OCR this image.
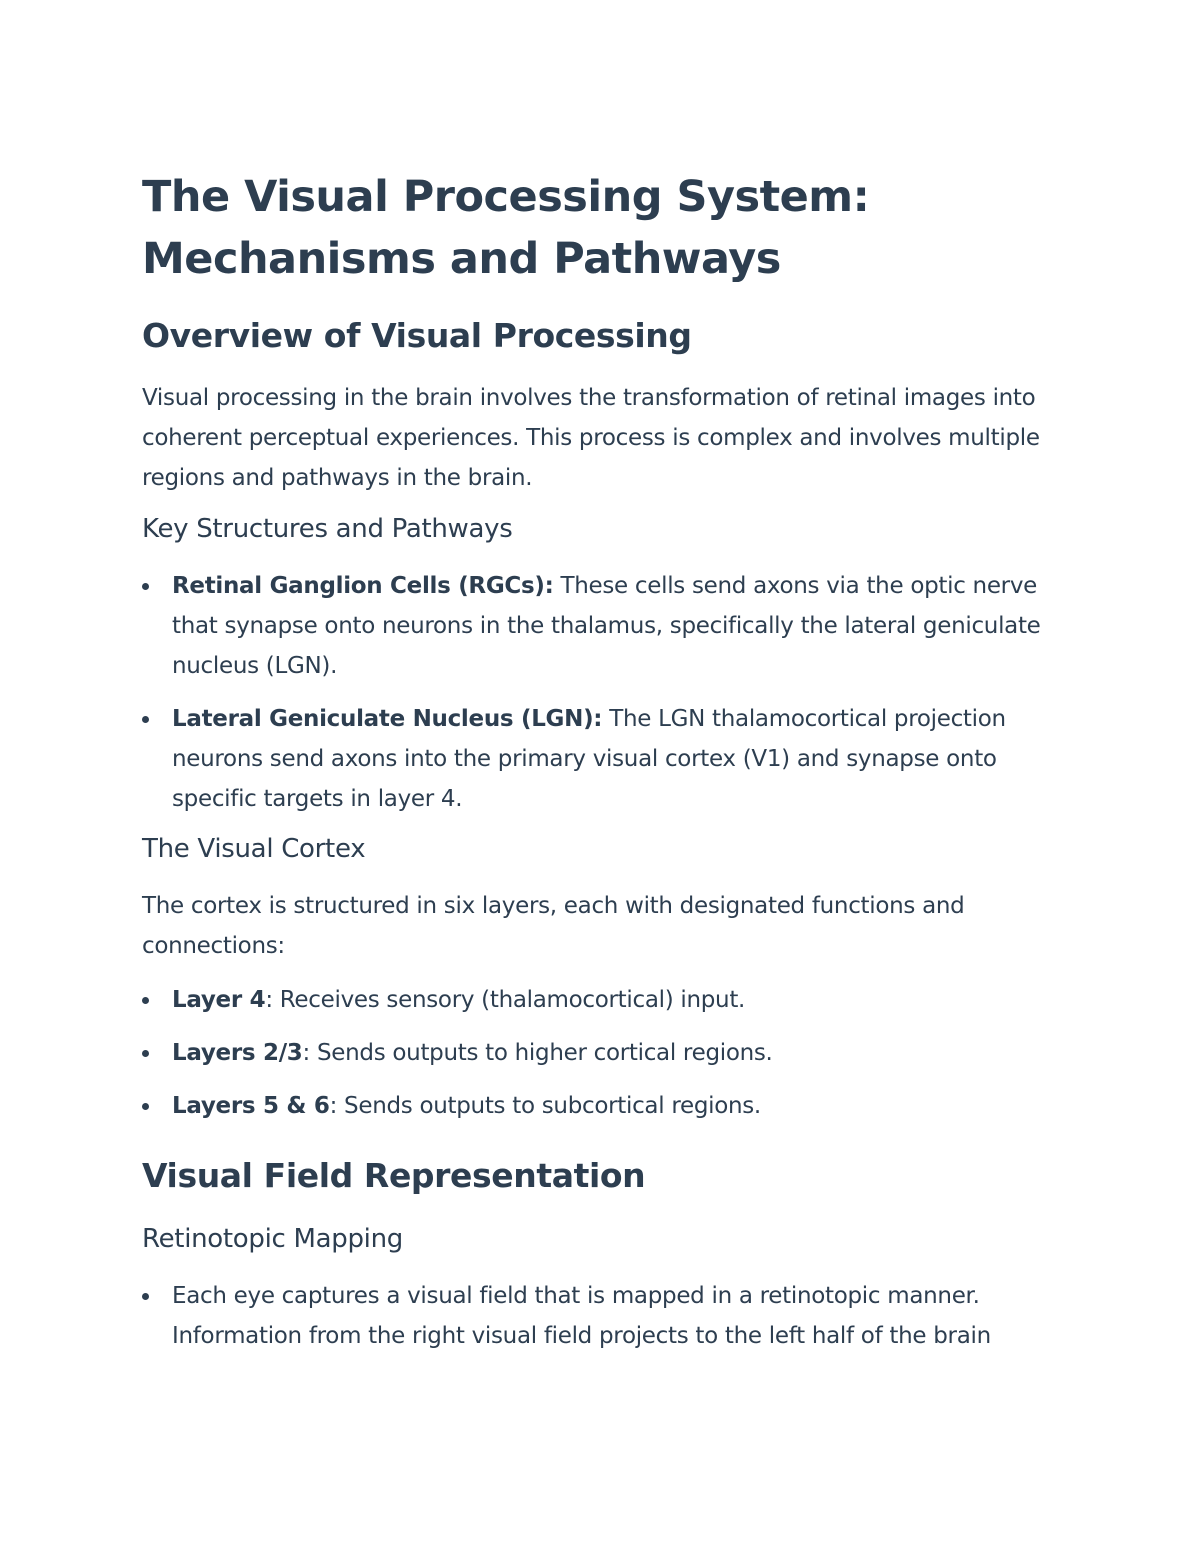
The Visual Processing System:
Mechanisms and Pathways
Overview of Visual Processing

Visual processing in the brain involves the transformation of retinal images into coherent perceptual experiences. This process is complex and involves multiple regions and pathways in the brain.

Key Structures and Pathways
Retinal Ganglion Cells (RGCs): These cells send axons via the optic nerve that synapse onto neurons in the thalamus, specifically the lateral geniculate nucleus (LGN).
Lateral Geniculate Nucleus (LGN): The LGN thalamocortical projection neurons send axons into the primary visual cortex (V1) and synapse onto specific targets in layer 4.
The Visual Cortex

The cortex is structured in six layers, each with designated functions and connections:

Layer 4: Receives sensory (thalamocortical) input.
Layers 2/3: Sends outputs to higher cortical regions.
Layers 5 & 6: Sends outputs to subcortical regions.
Visual Field Representation
Retinotopic Mapping
Each eye captures a visual field that is mapped in a retinotopic manner. Information from the right visual field projects to the left half of the brain
